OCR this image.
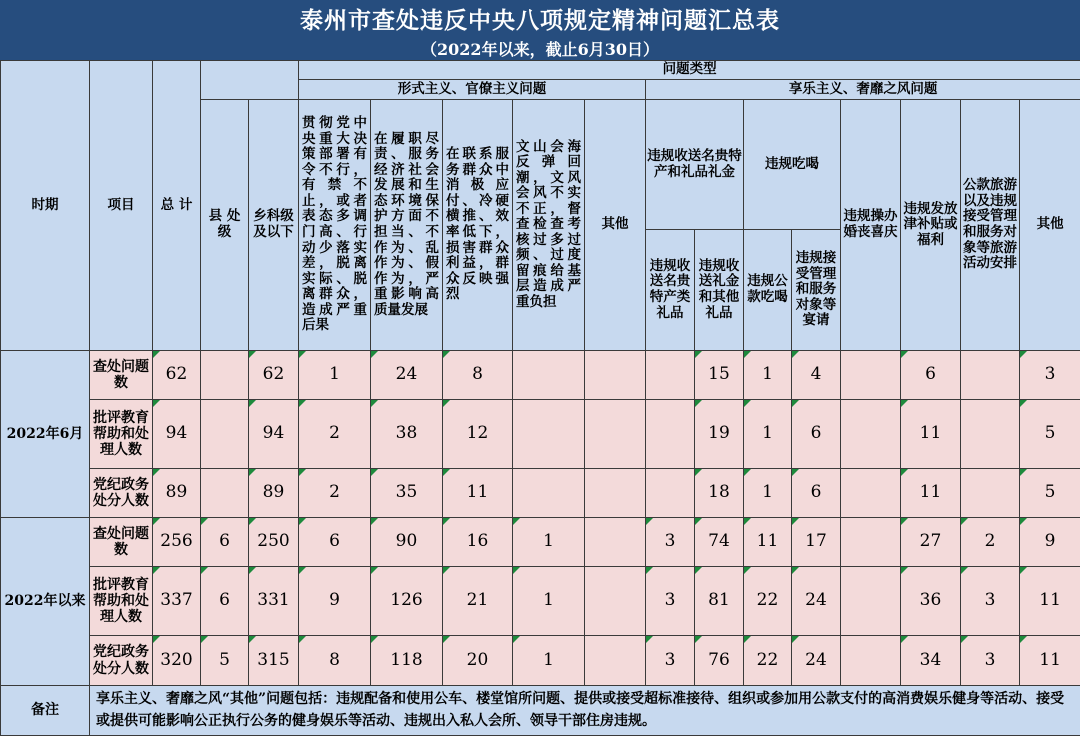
泰州市查处违反中央八项规定精神问题汇总表
（2022年以来，截止6月30日）
时期	项目	总 计			问题类型												
					形式主义、官僚主义问题					享乐主义、奢靡之风问题							
			县 处 级	乡科级及以下	贯彻党中央重大决策部署有令不行，有禁不止，或者表态多调门高、行动少落实差，脱离实际、脱离群众，造成严重后果	在履职尽责、服务经济社会发展和生态环境保护方面不担当、不作为、乱作为、假作为，严重影响高质量发展	在联系服务群众中消极应付、冷硬横推、效率低下，损害群众利益，群众反映强烈	文山会海反弹回潮，文风会风不实不正，督查检查考核过多过频、过度留痕给基层造成严重负担	其他	违规收送名贵特产和礼品礼金		违规吃喝		违规操办婚丧喜庆	违规发放津补贴或福利	公款旅游以及违规接受管理和服务对象等旅游活动安排	其他
										违规收送名贵特产类礼品	违规收送礼金和其他礼品	违规公款吃喝	违规接受管理和服务对象等宴请				
2022年6月	查处问题数	62		62	1	24	8				15	1	4		6		3
	批评教育帮助和处理人数	94		94	2	38	12				19	1	6		11		5
	党纪政务处分人数	89		89	2	35	11				18	1	6		11		5
2022年以来	查处问题数	256	6	250	6	90	16	1		3	74	11	17		27	2	9
	批评教育帮助和处理人数	337	6	331	9	126	21	1		3	81	22	24		36	3	11
	党纪政务处分人数	320	5	315	8	118	20	1		3	76	22	24		34	3	11
备注	享乐主义、奢靡之风“其他”问题包括：违规配备和使用公车、楼堂馆所问题、提供或接受超标准接待、组织或参加用公款支付的高消费娱乐健身等活动、接受或提供可能影响公正执行公务的健身娱乐等活动、违规出入私人会所、领导干部住房违规。																
